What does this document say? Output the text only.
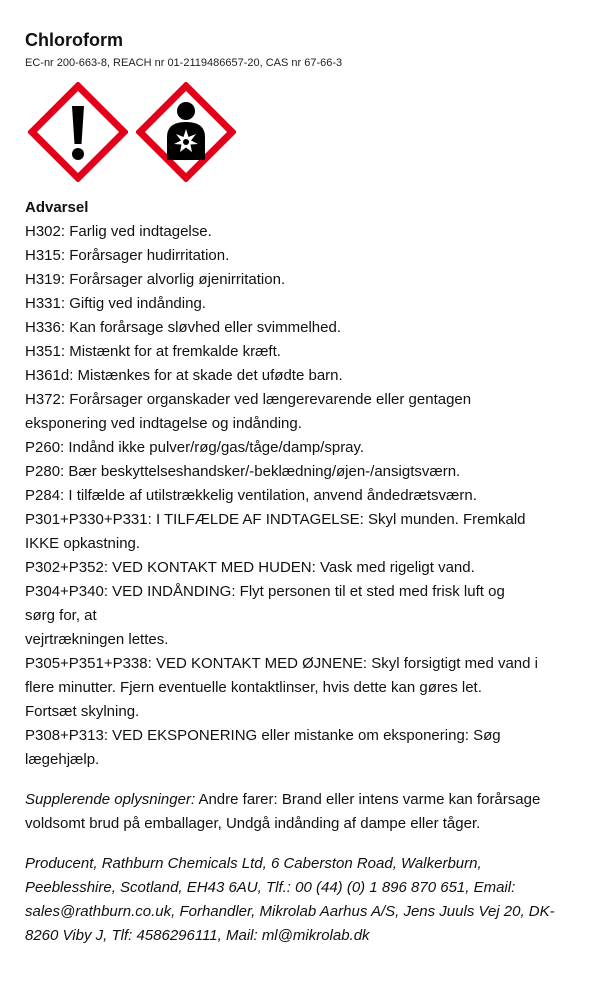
Chloroform
EC-nr 200-663-8, REACH nr 01-2119486657-20, CAS nr 67-66-3
Advarsel
H302: Farlig ved indtagelse.
H315: Forårsager hudirritation.
H319: Forårsager alvorlig øjenirritation.
H331: Giftig ved indånding.
H336: Kan forårsage sløvhed eller svimmelhed.
H351: Mistænkt for at fremkalde kræft.
H361d: Mistænkes for at skade det ufødte barn.
H372: Forårsager organskader ved længerevarende eller gentagen
eksponering ved indtagelse og indånding.
P260: Indånd ikke pulver/røg/gas/tåge/damp/spray.
P280: Bær beskyttelseshandsker/-beklædning/øjen-/ansigtsværn.
P284: I tilfælde af utilstrækkelig ventilation, anvend åndedrætsværn.
P301+P330+P331: I TILFÆLDE AF INDTAGELSE: Skyl munden. Fremkald
IKKE opkastning.
P302+P352: VED KONTAKT MED HUDEN: Vask med rigeligt vand.
P304+P340: VED INDÅNDING: Flyt personen til et sted med frisk luft og
sørg for, at
vejrtrækningen lettes.
P305+P351+P338: VED KONTAKT MED ØJNENE: Skyl forsigtigt med vand i
flere minutter. Fjern eventuelle kontaktlinser, hvis dette kan gøres let.
Fortsæt skylning.
P308+P313: VED EKSPONERING eller mistanke om eksponering: Søg
lægehjælp.
Supplerende oplysninger: Andre farer: Brand eller intens varme kan forårsage voldsomt brud på emballager, Undgå indånding af dampe eller tåger.
Producent, Rathburn Chemicals Ltd, 6 Caberston Road, Walkerburn, Peeblesshire, Scotland, EH43 6AU, Tlf.: 00 (44) (0) 1 896 870 651, Email: sales@rathburn.co.uk, Forhandler, Mikrolab Aarhus A/S, Jens Juuls Vej 20, DK-8260 Viby J, Tlf: 4586296111, Mail: ml@mikrolab.dk
